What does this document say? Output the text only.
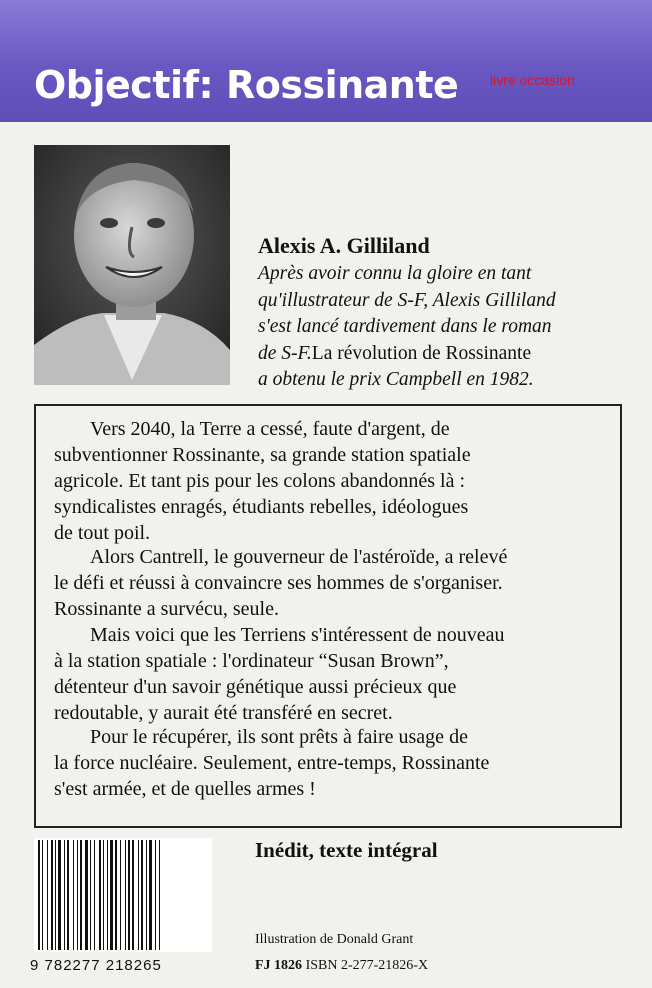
Objectif: Rossinante livre occasion
Alexis A. Gilliland
Après avoir connu la gloire en tant
qu'illustrateur de S-F, Alexis Gilliland
s'est lancé tardivement dans le roman
de S-F.La révolution de Rossinante
a obtenu le prix Campbell en 1982.
Vers 2040, la Terre a cessé, faute d'argent, de
subventionner Rossinante, sa grande station spatiale
agricole. Et tant pis pour les colons abandonnés là :
syndicalistes enragés, étudiants rebelles, idéologues
de tout poil.
Alors Cantrell, le gouverneur de l'astéroïde, a relevé
le défi et réussi à convaincre ses hommes de s'organiser.
Rossinante a survécu, seule.
Mais voici que les Terriens s'intéressent de nouveau
à la station spatiale : l'ordinateur “Susan Brown”,
détenteur d'un savoir génétique aussi précieux que
redoutable, y aurait été transféré en secret.
Pour le récupérer, ils sont prêts à faire usage de
la force nucléaire. Seulement, entre-temps, Rossinante
s'est armée, et de quelles armes !
9 782277 218265
Inédit, texte intégral
Illustration de Donald Grant
FJ 1826 ISBN 2-277-21826-X
